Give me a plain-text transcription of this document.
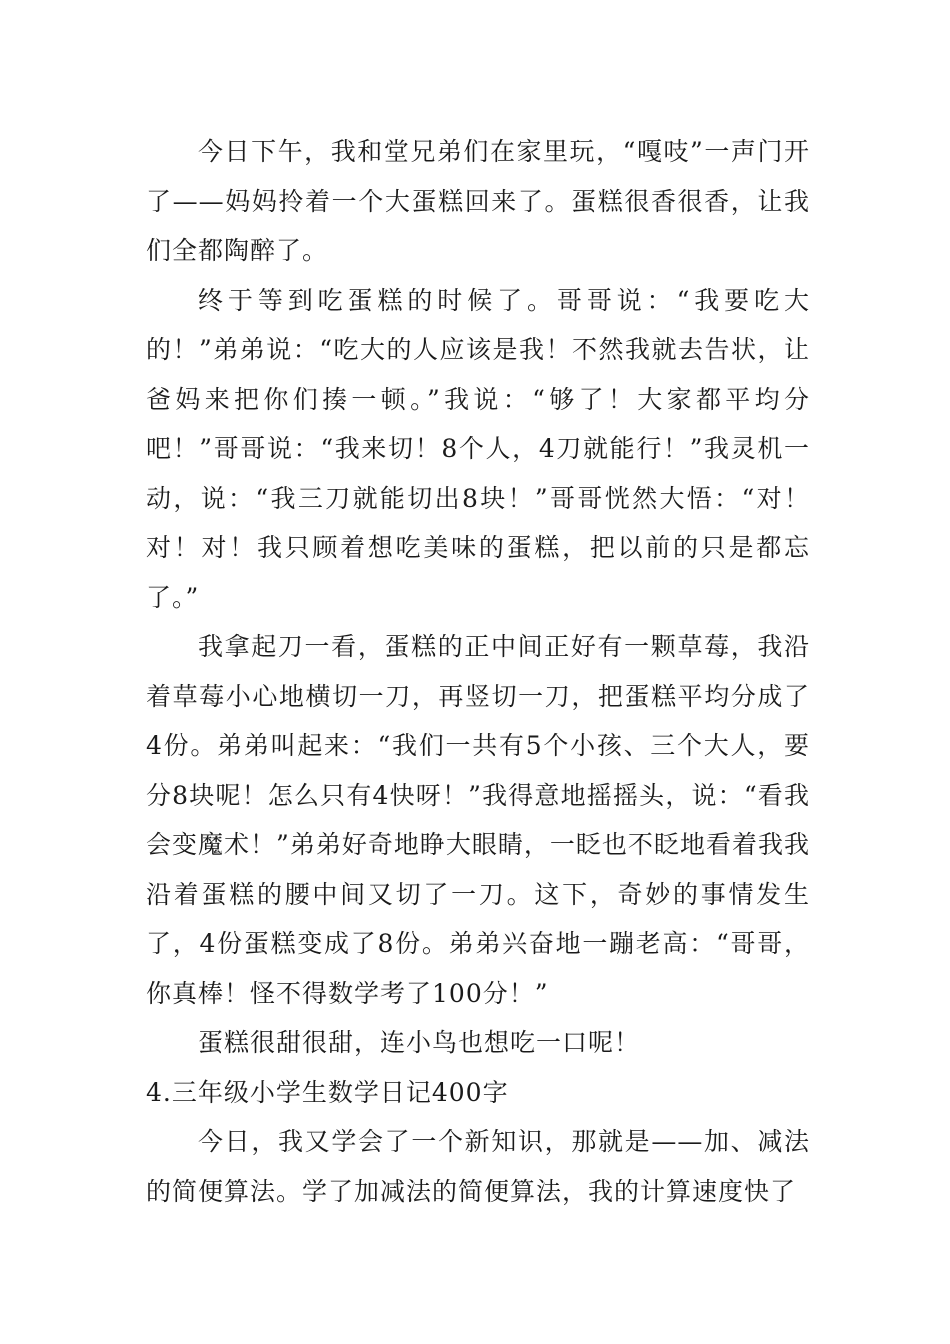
今日下午，我和堂兄弟们在家里玩，“嘎吱”一声门开了——妈妈拎着一个大蛋糕回来了。蛋糕很香很香，让我们全都陶醉了。

终于等到吃蛋糕的时候了。哥哥说：“我要吃大的！”弟弟说：“吃大的人应该是我！不然我就去告状，让爸妈来把你们揍一顿。”我说：“够了！大家都平均分吧！”哥哥说：“我来切！8个人，4刀就能行！”我灵机一动，说：“我三刀就能切出8块！”哥哥恍然大悟：“对！对！对！我只顾着想吃美味的蛋糕，把以前的只是都忘了。”

我拿起刀一看，蛋糕的正中间正好有一颗草莓，我沿着草莓小心地横切一刀，再竖切一刀，把蛋糕平均分成了4份。弟弟叫起来：“我们一共有5个小孩、三个大人，要分8块呢！怎么只有4快呀！”我得意地摇摇头，说：“看我会变魔术！”弟弟好奇地睁大眼睛，一眨也不眨地看着我我沿着蛋糕的腰中间又切了一刀。这下，奇妙的事情发生了，4份蛋糕变成了8份。弟弟兴奋地一蹦老高：“哥哥，你真棒！怪不得数学考了100分！”

蛋糕很甜很甜，连小鸟也想吃一口呢！

4.三年级小学生数学日记400字

今日，我又学会了一个新知识，那就是——加、减法的简便算法。学了加减法的简便算法，我的计算速度快了
